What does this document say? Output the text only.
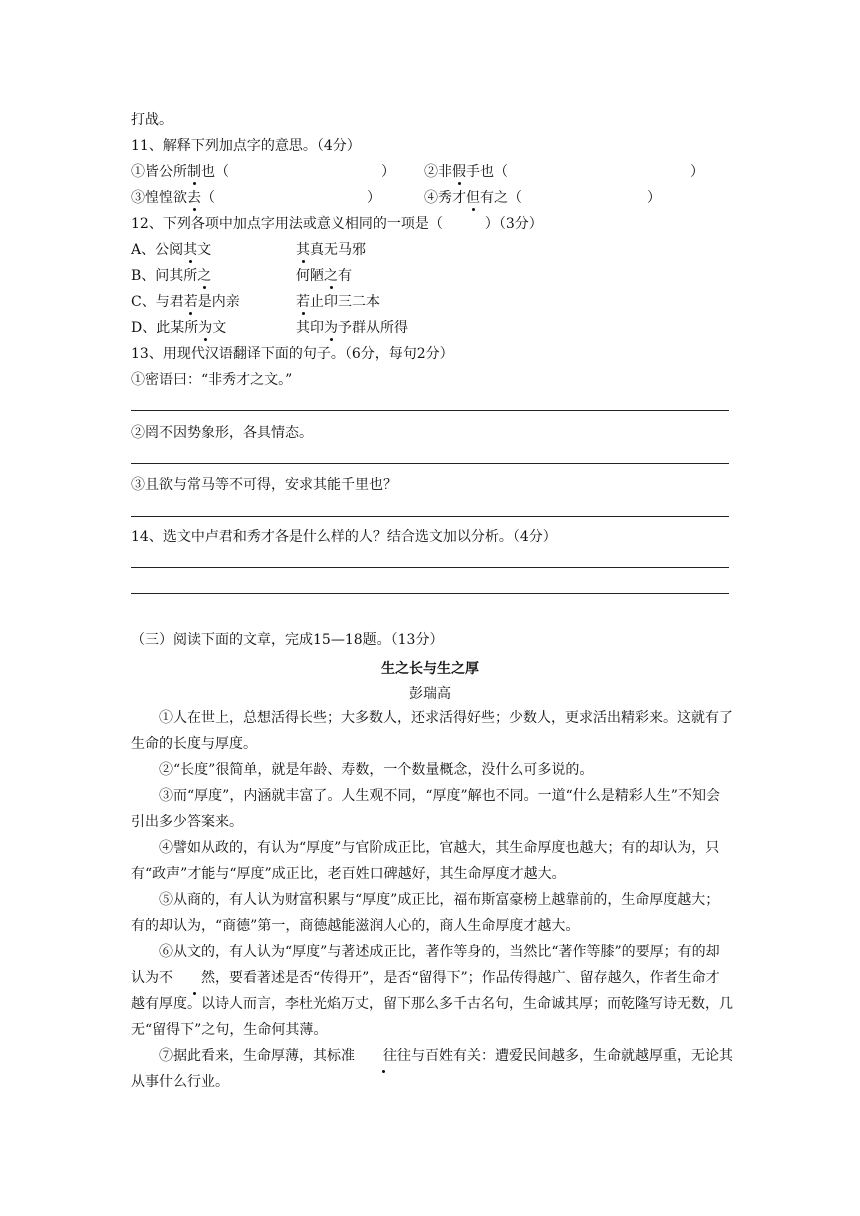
打战。
11、解释下列加点字的意思。（4分）
①皆公所制也（	） ②非假手也（	）
③惶惶欲去（	）	④秀才但有之（	）
12、下列各项中加点字用法或意义相同的一项是（　　　）（3分）
A、公阅其文	其真无马邪
B、问其所之	何陋之有
C、与君若是内亲	若止印三二本
D、此某所为文	其印为予群从所得
13、用现代汉语翻译下面的句子。（6分，每句2分）
①密语曰：“非秀才之文。”
②罔不因势象形，各具情态。
③且欲与常马等不可得，安求其能千里也？
14、选文中卢君和秀才各是什么样的人？结合选文加以分析。（4分）
（三）阅读下面的文章，完成15—18题。（13分）
生之长与生之厚
彭瑞高
①人在世上，总想活得长些；大多数人，还求活得好些；少数人，更求活出精彩来。这就有了生命的长度与厚度。
②“长度”很简单，就是年龄、寿数，一个数量概念，没什么可多说的。
③而“厚度”，内涵就丰富了。人生观不同，“厚度”解也不同。一道“什么是精彩人生”不知会引出多少答案来。
④譬如从政的，有认为“厚度”与官阶成正比，官越大，其生命厚度也越大；有的却认为，只有“政声”才能与“厚度”成正比，老百姓口碑越好，其生命厚度才越大。
⑤从商的，有人认为财富积累与“厚度”成正比，福布斯富豪榜上越靠前的，生命厚度越大；有的却认为，“商德”第一，商德越能滋润人心的，商人生命厚度才越大。
⑥从文的，有人认为“厚度”与著述成正比，著作等身的，当然比“著作等膝”的要厚；有的却认为不 然，要看著述是否“传得开”，是否“留得下”；作品传得越广、留存越久，作者生命才越有厚度。以诗人而言，李杜光焰万丈，留下那么多千古名句，生命诚其厚；而乾隆写诗无数，几无“留得下”之句，生命何其薄。
⑦据此看来，生命厚薄，其标准 往往与百姓有关：遭爱民间越多，生命就越厚重，无论其从事什么行业。
